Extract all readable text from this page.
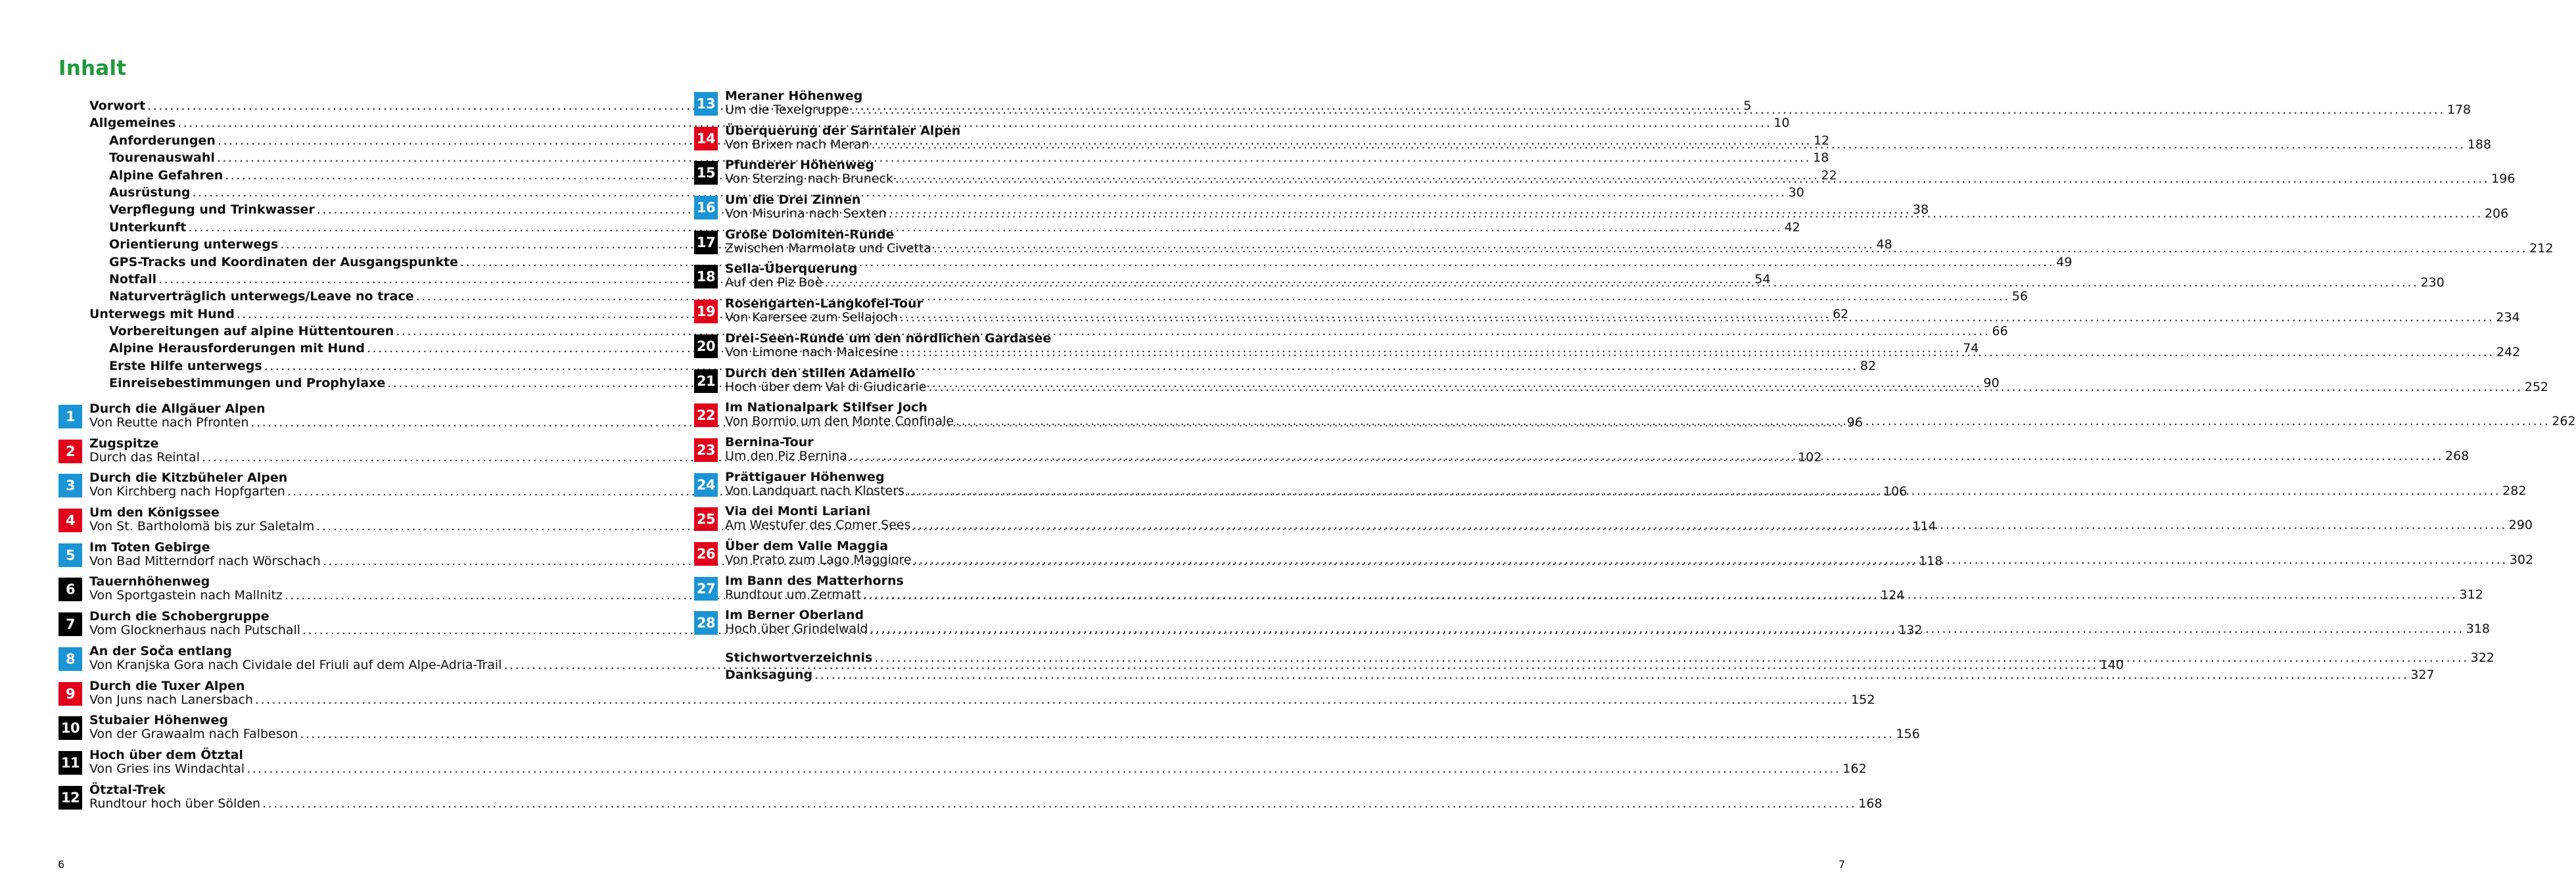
Inhalt
Vorwort .....	5
Allgemeines .....	10
Anforderungen .....	12
Tourenauswahl .....	18
Alpine Gefahren .....	22
Ausrüstung .....	30
Verpflegung und Trinkwasser .....	38
Unterkunft .....	42
Orientierung unterwegs .....	48
GPS-Tracks und Koordinaten der Ausgangspunkte .....	49
Notfall .....	54
Naturverträglich unterwegs/Leave no trace .....	56
Unterwegs mit Hund .....	62
Vorbereitungen auf alpine Hüttentouren .....	66
Alpine Herausforderungen mit Hund .....	74
Erste Hilfe unterwegs .....	82
Einreisebestimmungen und Prophylaxe .....	90
1	Durch die Allgäuer Alpen
Von Reutte nach Pfronten .....	96
2	Zugspitze
Durch das Reintal .....	102
3	Durch die Kitzbüheler Alpen
Von Kirchberg nach Hopfgarten .....	106
4	Um den Königssee
Von St. Bartholomä bis zur Saletalm .....	114
5	Im Toten Gebirge
Von Bad Mitterndorf nach Wörschach .....	118
6	Tauernhöhenweg
Von Sportgastein nach Mallnitz .....	124
7	Durch die Schobergruppe
Vom Glocknerhaus nach Putschall .....	132
8	An der Soča entlang
Von Kranjska Gora nach Cividale del Friuli auf dem Alpe-Adria-Trail .....	140
9	Durch die Tuxer Alpen
Von Juns nach Lanersbach .....	152
10 Stubaier Höhenweg
Von der Grawaalm nach Falbeson .....	156
11 Hoch über dem Ötztal
Von Gries ins Windachtal .....	162
12 Ötztal-Trek
Rundtour hoch über Sölden .....	168
6	7
13 Meraner Höhenweg
Um die Texelgruppe .....	178
14 Überquerung der Sarntaler Alpen
Von Brixen nach Meran .....	188
15 Pfunderer Höhenweg
Von Sterzing nach Bruneck .....	196
16 Um die Drei Zinnen
Von Misurina nach Sexten .....	206
17 Große Dolomiten-Runde
Zwischen Marmolata und Civetta .....	212
18 Sella-Überquerung
Auf den Piz Boè .....	230
19 Rosengarten-Langkofel-Tour
Von Karersee zum Sellajoch .....	234
20 Drei-Seen-Runde um den nördlichen Gardasee
Von Limone nach Malcesine .....	242
21 Durch den stillen Adamello
Hoch über dem Val di Giudicarie .....	252
22 Im Nationalpark Stilfser Joch
Von Bormio um den Monte Confinale .....	262
23 Bernina-Tour
Um den Piz Bernina .....	268
24 Prättigauer Höhenweg
Von Landquart nach Klosters .....	282
25 Via dei Monti Lariani
Am Westufer des Comer Sees .....	290
26 Über dem Valle Maggia
Von Prato zum Lago Maggiore .....	302
27 Im Bann des Matterhorns
Rundtour um Zermatt .....	312
28 Im Berner Oberland
Hoch über Grindelwald .....	318
Stichwortverzeichnis .....	322
Danksagung .....	327
